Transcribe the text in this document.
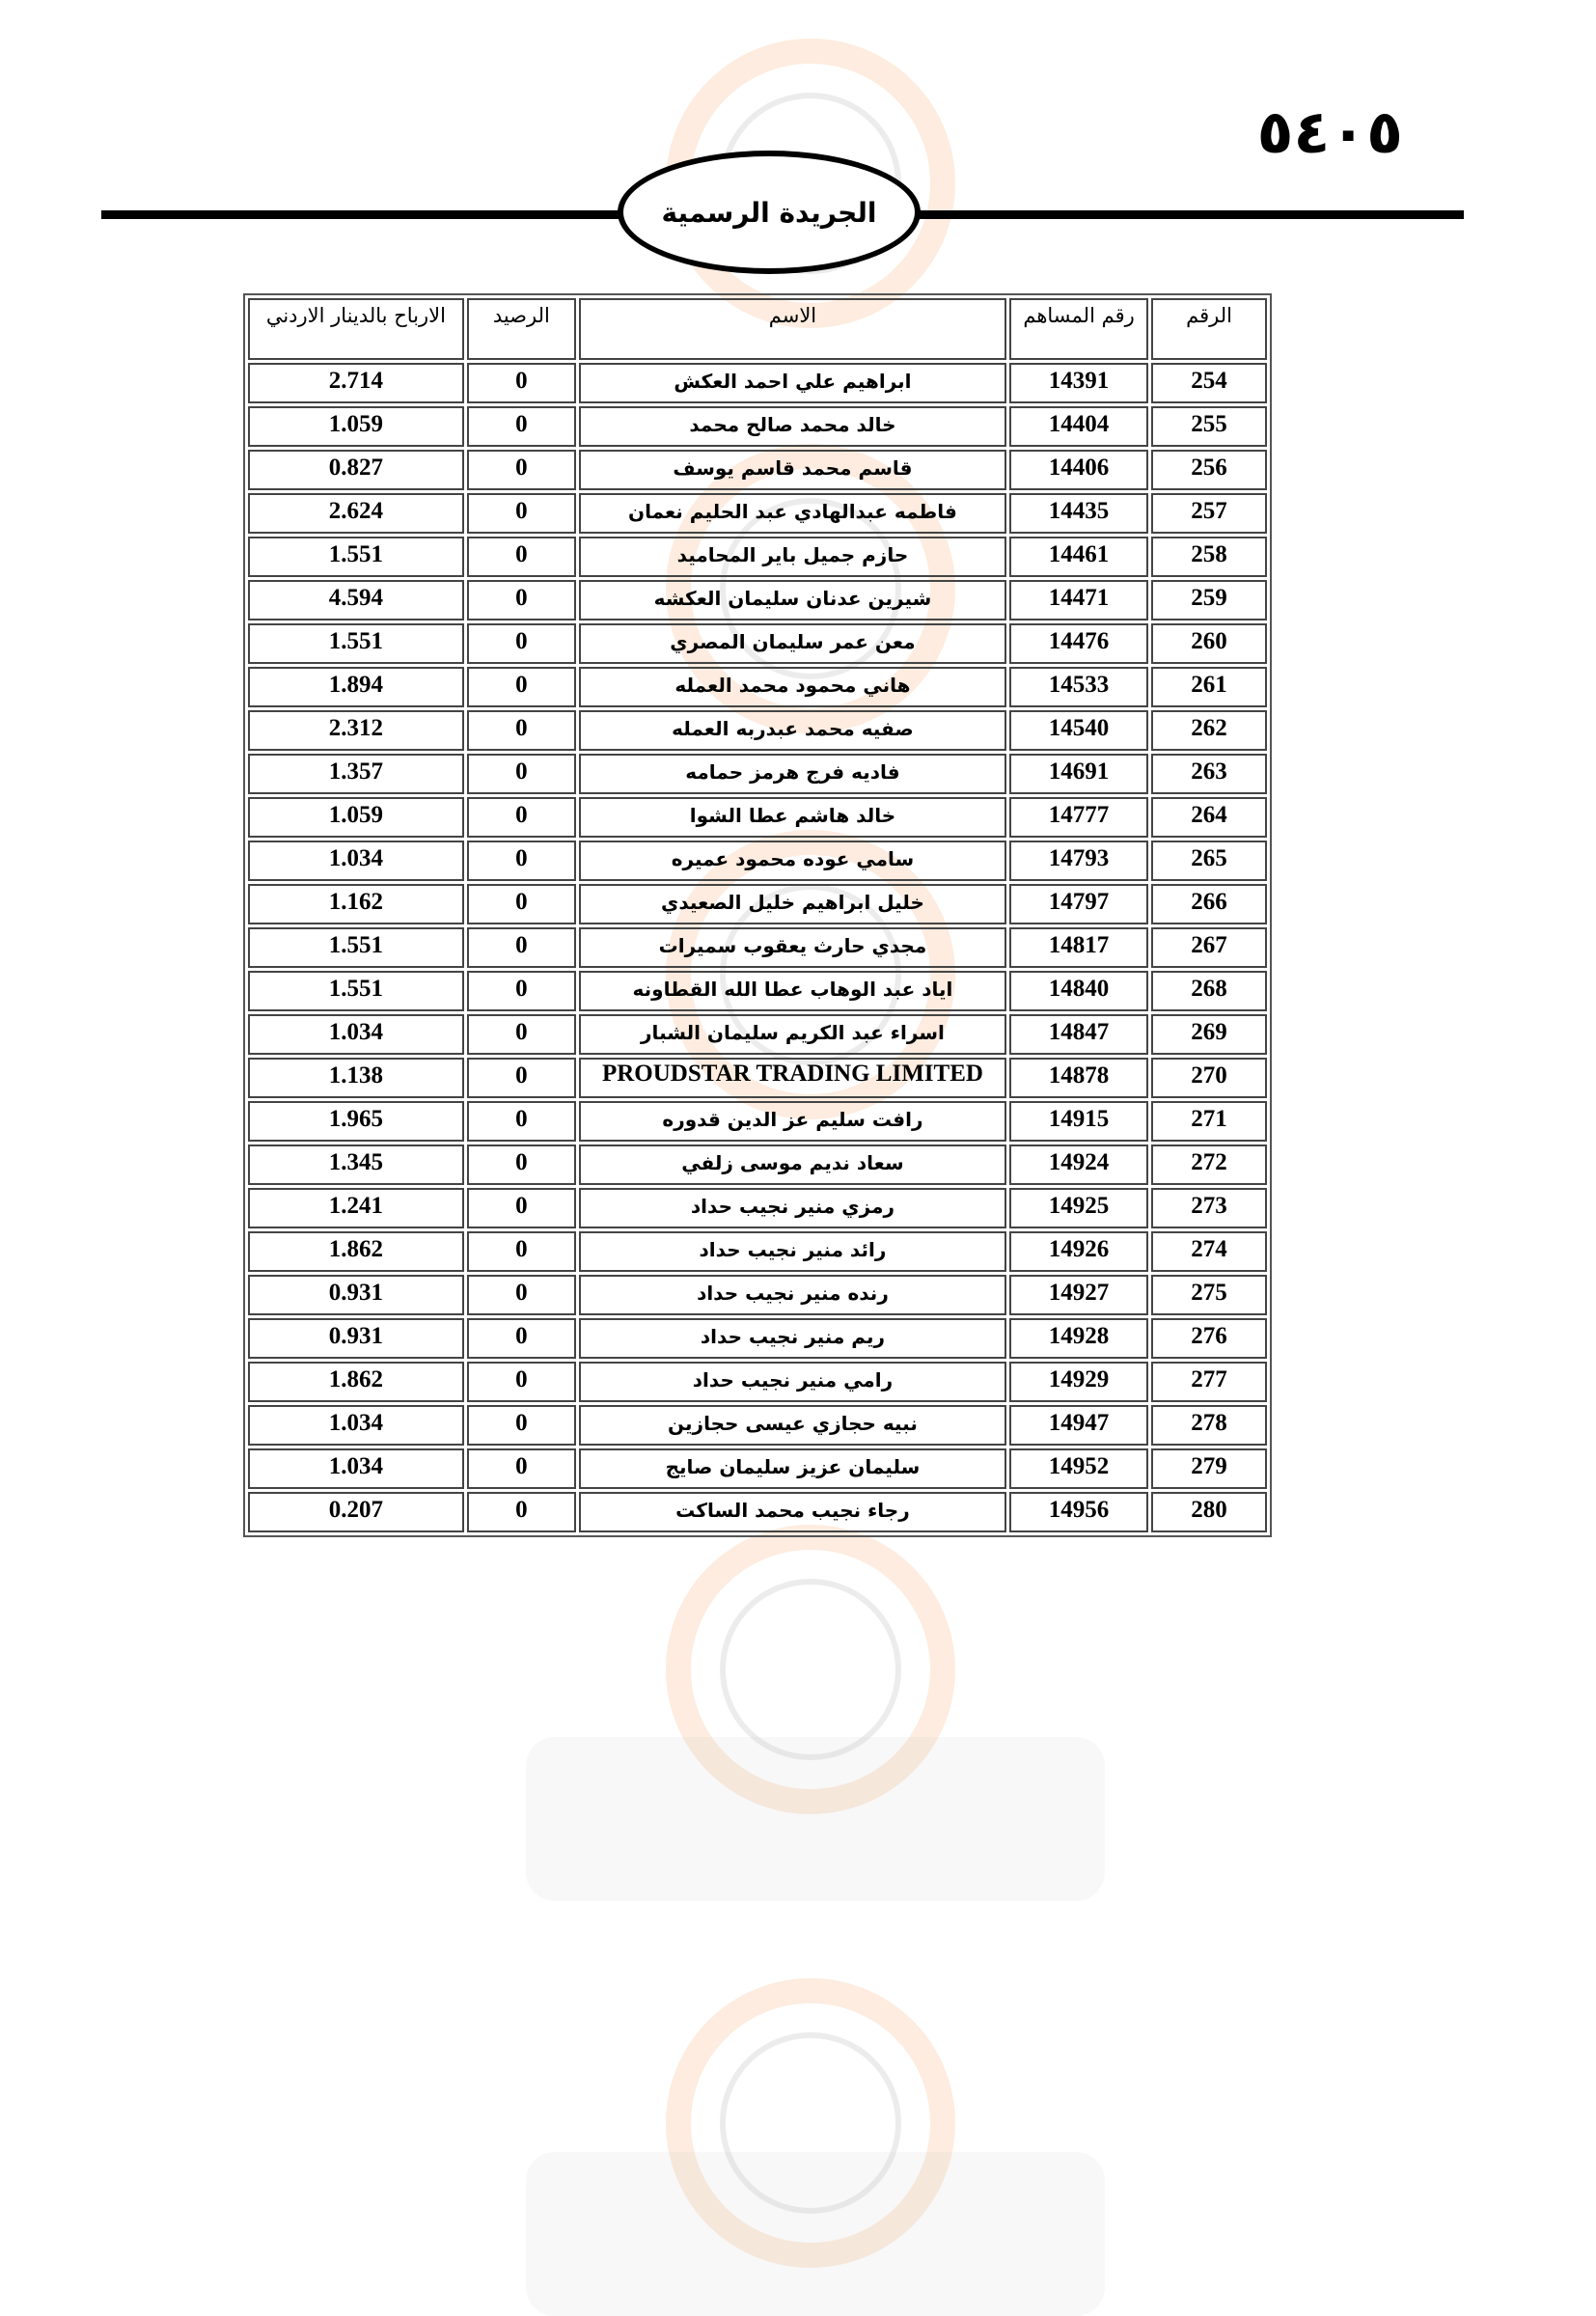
٥٤٠٥
الجريدة الرسمية
الرقم	رقم المساهم	الاسم	الرصيد	الارباح بالدينار الاردني
254	14391	ابراهيم علي احمد العكش	0	2.714
255	14404	خالد محمد صالح محمد	0	1.059
256	14406	قاسم محمد قاسم يوسف	0	0.827
257	14435	فاطمه عبدالهادي عبد الحليم نعمان	0	2.624
258	14461	حازم جميل باير المحاميد	0	1.551
259	14471	شيرين عدنان سليمان العكشه	0	4.594
260	14476	معن عمر سليمان المصري	0	1.551
261	14533	هاني محمود محمد العمله	0	1.894
262	14540	صفيه محمد عبدربه العمله	0	2.312
263	14691	فاديه فرج هرمز حمامه	0	1.357
264	14777	خالد هاشم عطا الشوا	0	1.059
265	14793	سامي عوده محمود عميره	0	1.034
266	14797	خليل ابراهيم خليل الصعيدي	0	1.162
267	14817	مجدي حارث يعقوب سميرات	0	1.551
268	14840	اياد عبد الوهاب عطا الله القطاونه	0	1.551
269	14847	اسراء عبد الكريم سليمان الشبار	0	1.034
270	14878	PROUDSTAR TRADING LIMITED	0	1.138
271	14915	رافت سليم عز الدين قدوره	0	1.965
272	14924	سعاد نديم موسى زلفي	0	1.345
273	14925	رمزي منير نجيب حداد	0	1.241
274	14926	رائد منير نجيب حداد	0	1.862
275	14927	رنده منير نجيب حداد	0	0.931
276	14928	ريم منير نجيب حداد	0	0.931
277	14929	رامي منير نجيب حداد	0	1.862
278	14947	نبيه حجازي عيسى حجازين	0	1.034
279	14952	سليمان عزيز سليمان صايج	0	1.034
280	14956	رجاء نجيب محمد الساكت	0	0.207
